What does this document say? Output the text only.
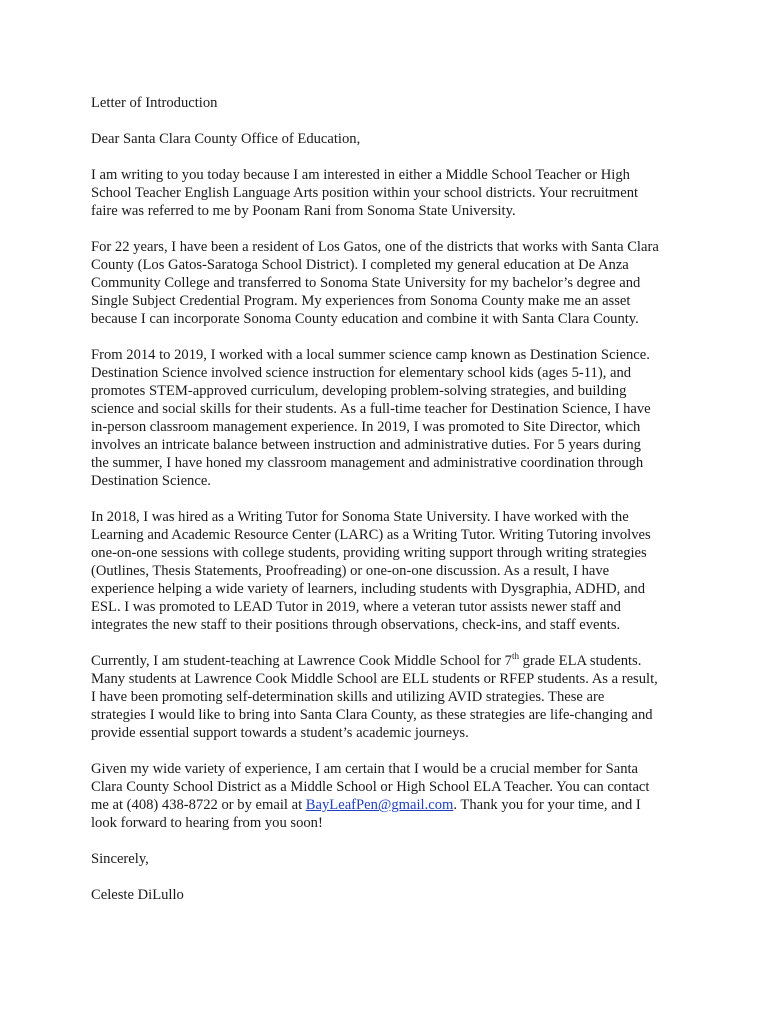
Letter of Introduction

Dear Santa Clara County Office of Education,

I am writing to you today because I am interested in either a Middle School Teacher or High
School Teacher English Language Arts position within your school districts. Your recruitment
faire was referred to me by Poonam Rani from Sonoma State University.

For 22 years, I have been a resident of Los Gatos, one of the districts that works with Santa Clara
County (Los Gatos-Saratoga School District). I completed my general education at De Anza
Community College and transferred to Sonoma State University for my bachelor’s degree and
Single Subject Credential Program. My experiences from Sonoma County make me an asset
because I can incorporate Sonoma County education and combine it with Santa Clara County.

From 2014 to 2019, I worked with a local summer science camp known as Destination Science.
Destination Science involved science instruction for elementary school kids (ages 5-11), and
promotes STEM-approved curriculum, developing problem-solving strategies, and building
science and social skills for their students. As a full-time teacher for Destination Science, I have
in-person classroom management experience. In 2019, I was promoted to Site Director, which
involves an intricate balance between instruction and administrative duties. For 5 years during
the summer, I have honed my classroom management and administrative coordination through
Destination Science.

In 2018, I was hired as a Writing Tutor for Sonoma State University. I have worked with the
Learning and Academic Resource Center (LARC) as a Writing Tutor. Writing Tutoring involves
one-on-one sessions with college students, providing writing support through writing strategies
(Outlines, Thesis Statements, Proofreading) or one-on-one discussion. As a result, I have
experience helping a wide variety of learners, including students with Dysgraphia, ADHD, and
ESL. I was promoted to LEAD Tutor in 2019, where a veteran tutor assists newer staff and
integrates the new staff to their positions through observations, check-ins, and staff events.

Currently, I am student-teaching at Lawrence Cook Middle School for 7th grade ELA students.
Many students at Lawrence Cook Middle School are ELL students or RFEP students. As a result,
I have been promoting self-determination skills and utilizing AVID strategies. These are
strategies I would like to bring into Santa Clara County, as these strategies are life-changing and
provide essential support towards a student’s academic journeys.

Given my wide variety of experience, I am certain that I would be a crucial member for Santa
Clara County School District as a Middle School or High School ELA Teacher. You can contact
me at (408) 438-8722 or by email at BayLeafPen@gmail.com. Thank you for your time, and I
look forward to hearing from you soon!

Sincerely,

Celeste DiLullo
